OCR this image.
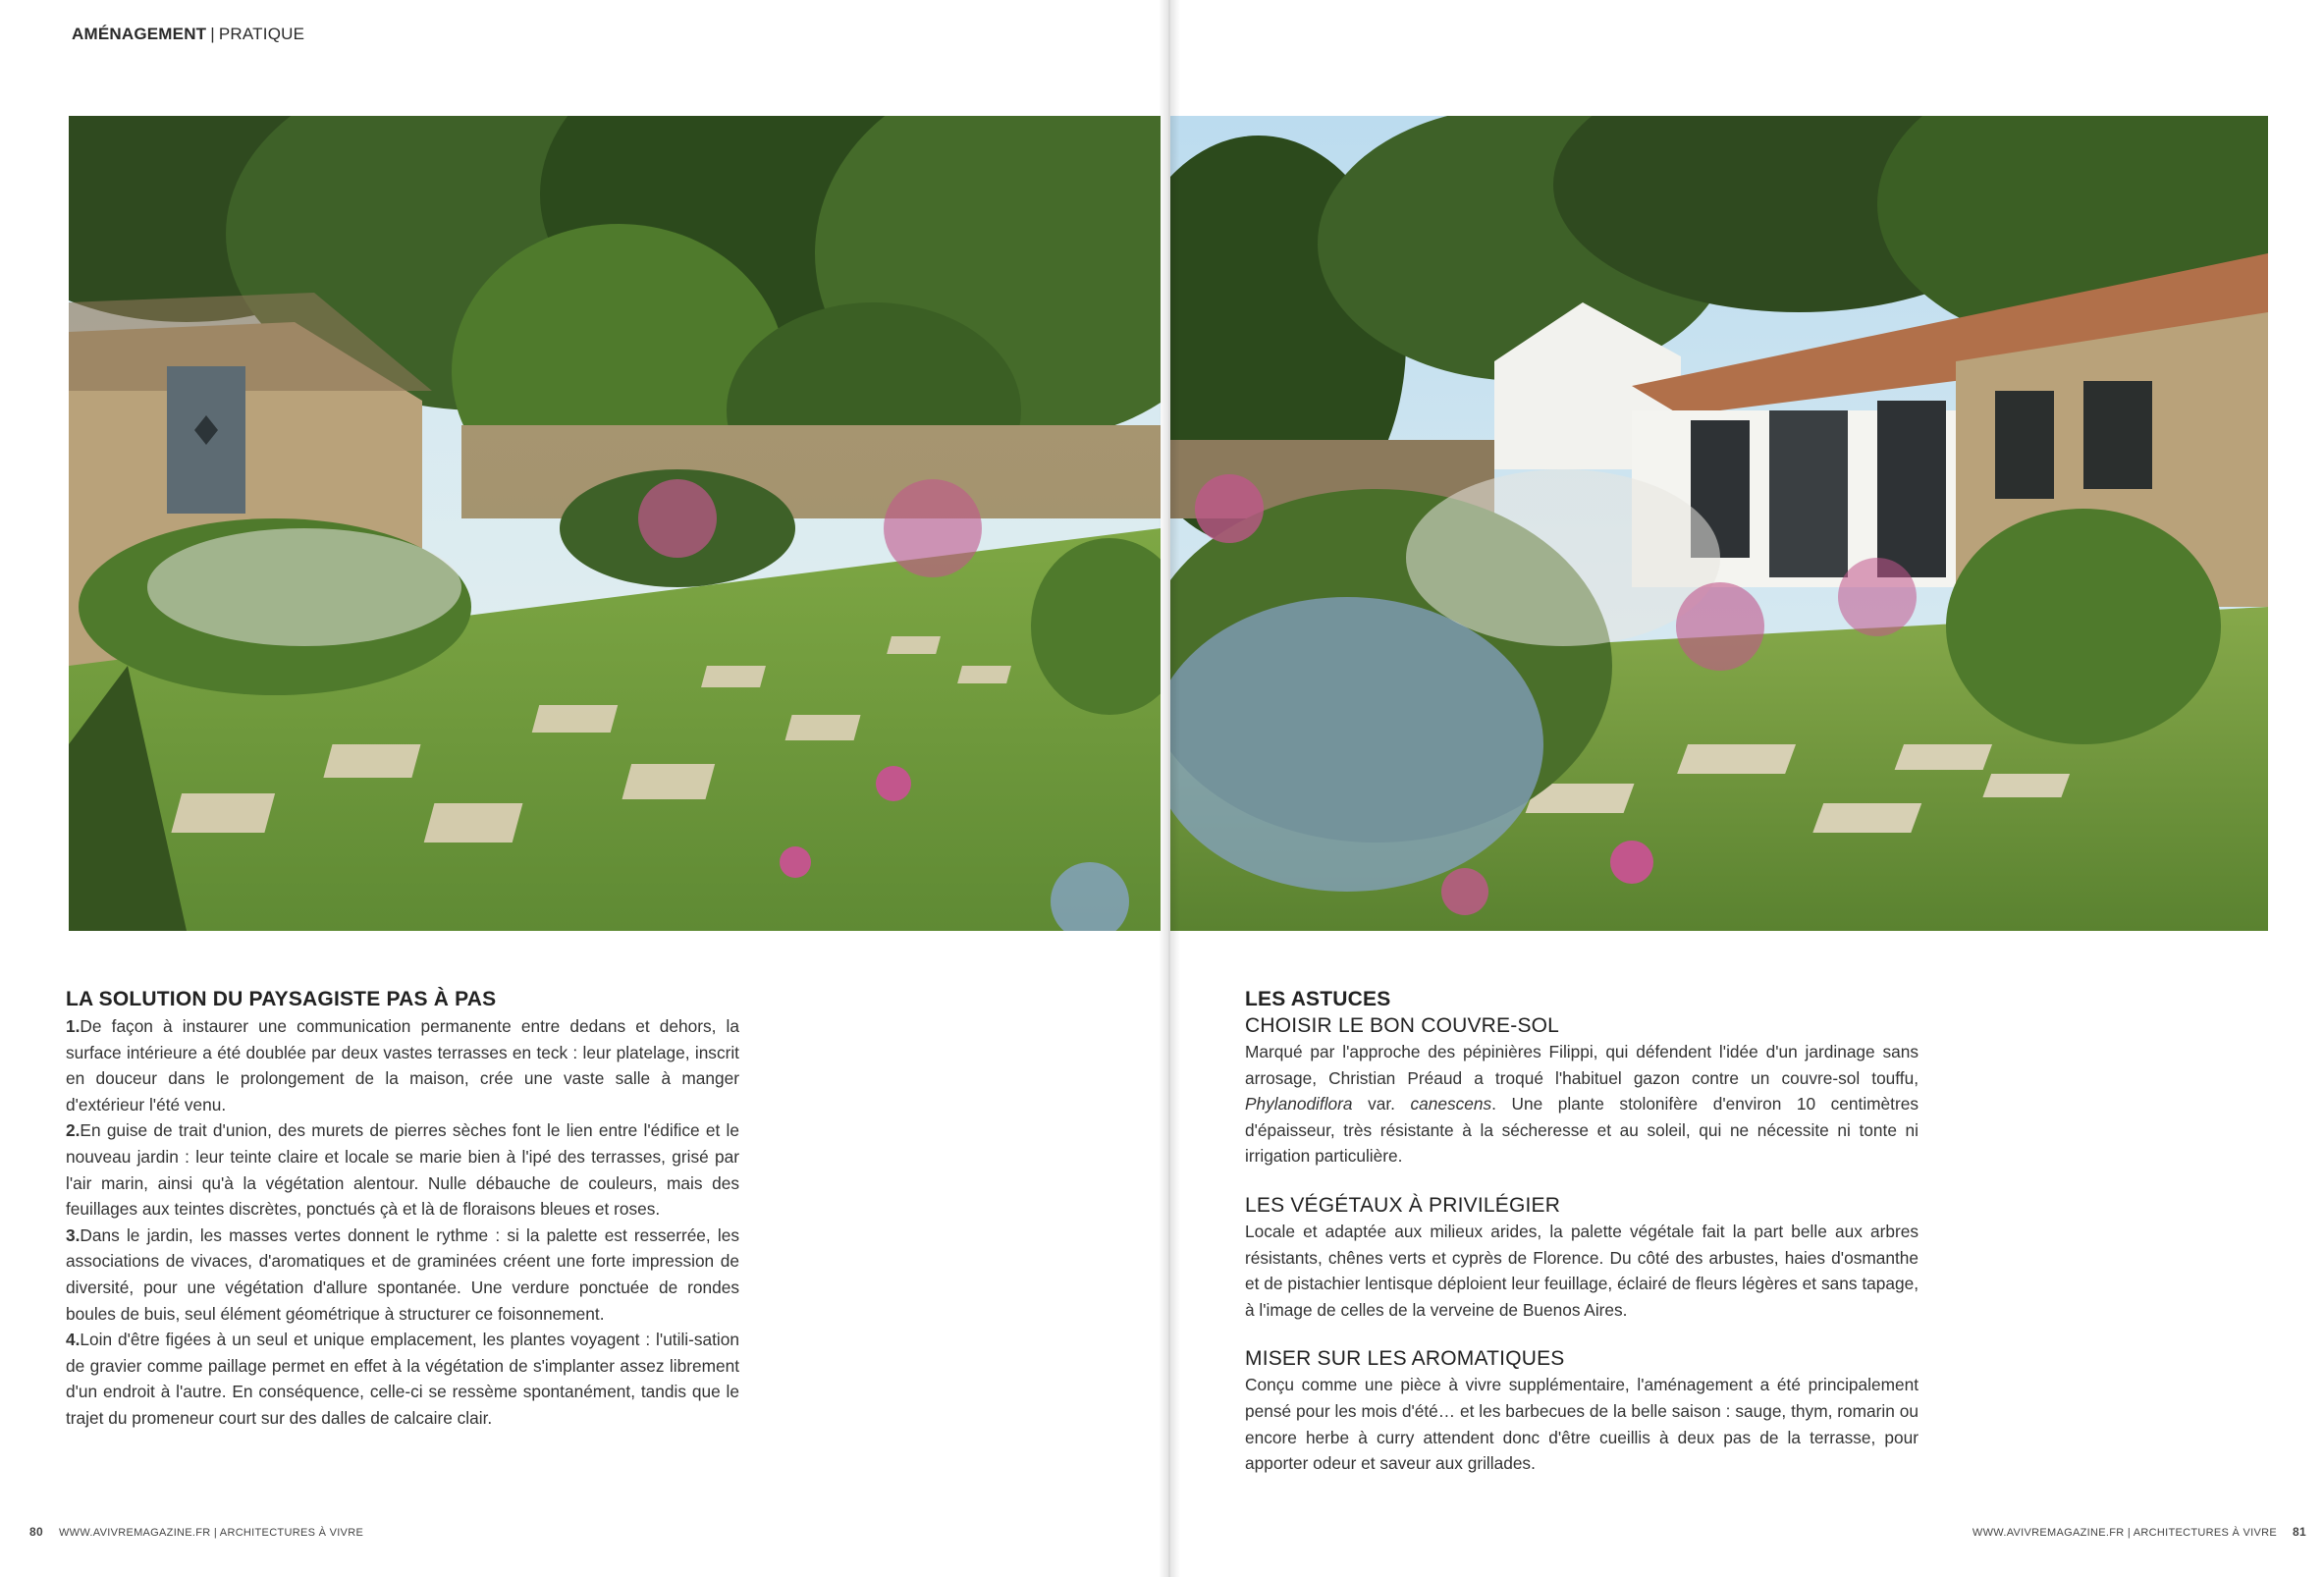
AMÉNAGEMENT | PRATIQUE
LA SOLUTION DU PAYSAGISTE PAS À PAS

1.De façon à instaurer une communication permanente entre dedans et dehors, la surface intérieure a été doublée par deux vastes terrasses en teck : leur platelage, inscrit en douceur dans le prolongement de la maison, crée une vaste salle à manger d'extérieur l'été venu.

2.En guise de trait d'union, des murets de pierres sèches font le lien entre l'édifice et le nouveau jardin : leur teinte claire et locale se marie bien à l'ipé des terrasses, grisé par l'air marin, ainsi qu'à la végétation alentour. Nulle débauche de couleurs, mais des feuillages aux teintes discrètes, ponctués çà et là de floraisons bleues et roses.

3.Dans le jardin, les masses vertes donnent le rythme : si la palette est resserrée, les associations de vivaces, d'aromatiques et de graminées créent une forte impression de diversité, pour une végétation d'allure spontanée. Une verdure ponctuée de rondes boules de buis, seul élément géométrique à structurer ce foisonnement.

4.Loin d'être figées à un seul et unique emplacement, les plantes voyagent : l'utili-sation de gravier comme paillage permet en effet à la végétation de s'implanter assez librement d'un endroit à l'autre. En conséquence, celle-ci se ressème spontanément, tandis que le trajet du promeneur court sur des dalles de calcaire clair.

80 WWW.AVIVREMAGAZINE.FR | ARCHITECTURES À VIVRE
LES ASTUCES
CHOISIR LE BON COUVRE-SOL

Marqué par l'approche des pépinières Filippi, qui défendent l'idée d'un jardinage sans arrosage, Christian Préaud a troqué l'habituel gazon contre un couvre-sol touffu, Phylanodiflora var. canescens. Une plante stolonifère d'environ 10 centimètres d'épaisseur, très résistante à la sécheresse et au soleil, qui ne nécessite ni tonte ni irrigation particulière.

LES VÉGÉTAUX À PRIVILÉGIER

Locale et adaptée aux milieux arides, la palette végétale fait la part belle aux arbres résistants, chênes verts et cyprès de Florence. Du côté des arbustes, haies d'osmanthe et de pistachier lentisque déploient leur feuillage, éclairé de fleurs légères et sans tapage, à l'image de celles de la verveine de Buenos Aires.

MISER SUR LES AROMATIQUES

Conçu comme une pièce à vivre supplémentaire, l'aménagement a été principalement pensé pour les mois d'été… et les barbecues de la belle saison : sauge, thym, romarin ou encore herbe à curry attendent donc d'être cueillis à deux pas de la terrasse, pour apporter odeur et saveur aux grillades.

WWW.AVIVREMAGAZINE.FR | ARCHITECTURES À VIVRE 81
